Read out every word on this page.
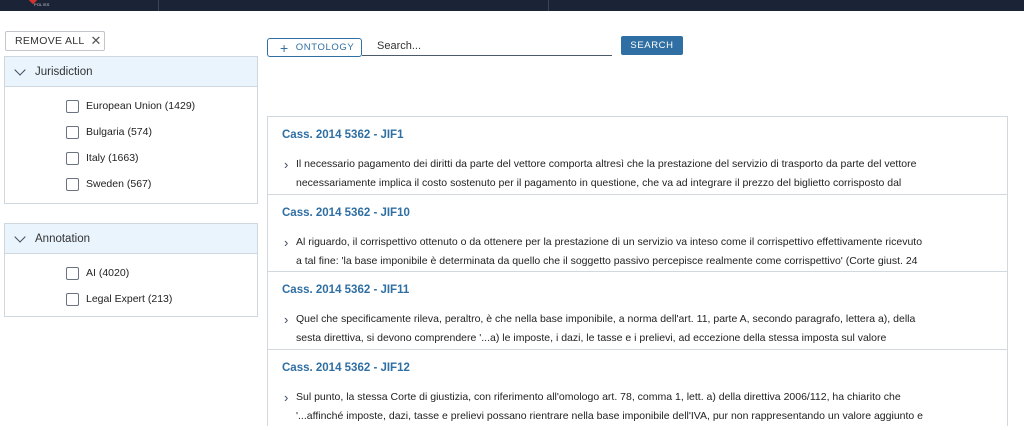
POLISS
REMOVE ALL ✕
Jurisdiction
European Union (1429)
Bulgaria (574)
Italy (1663)
Sweden (567)
Annotation
AI (4020)
Legal Expert (213)
+ ONTOLOGY
Search...	SEARCH
Cass. 2014 5362 - JIF1
› Il necessario pagamento dei diritti da parte del vettore comporta altresì che la prestazione del servizio di trasporto da parte del vettore
necessariamente implica il costo sostenuto per il pagamento in questione, che va ad integrare il prezzo del biglietto corrisposto dal
Cass. 2014 5362 - JIF10
› Al riguardo, il corrispettivo ottenuto o da ottenere per la prestazione di un servizio va inteso come il corrispettivo effettivamente ricevuto
a tal fine: 'la base imponibile è determinata da quello che il soggetto passivo percepisce realmente come corrispettivo' (Corte giust. 24
Cass. 2014 5362 - JIF11
› Quel che specificamente rileva, peraltro, è che nella base imponibile, a norma dell'art. 11, parte A, secondo paragrafo, lettera a), della
sesta direttiva, si devono comprendere '...a) le imposte, i dazi, le tasse e i prelievi, ad eccezione della stessa imposta sul valore
Cass. 2014 5362 - JIF12
› Sul punto, la stessa Corte di giustizia, con riferimento all'omologo art. 78, comma 1, lett. a) della direttiva 2006/112, ha chiarito che
'...affinché imposte, dazi, tasse e prelievi possano rientrare nella base imponibile dell'IVA, pur non rappresentando un valore aggiunto e
